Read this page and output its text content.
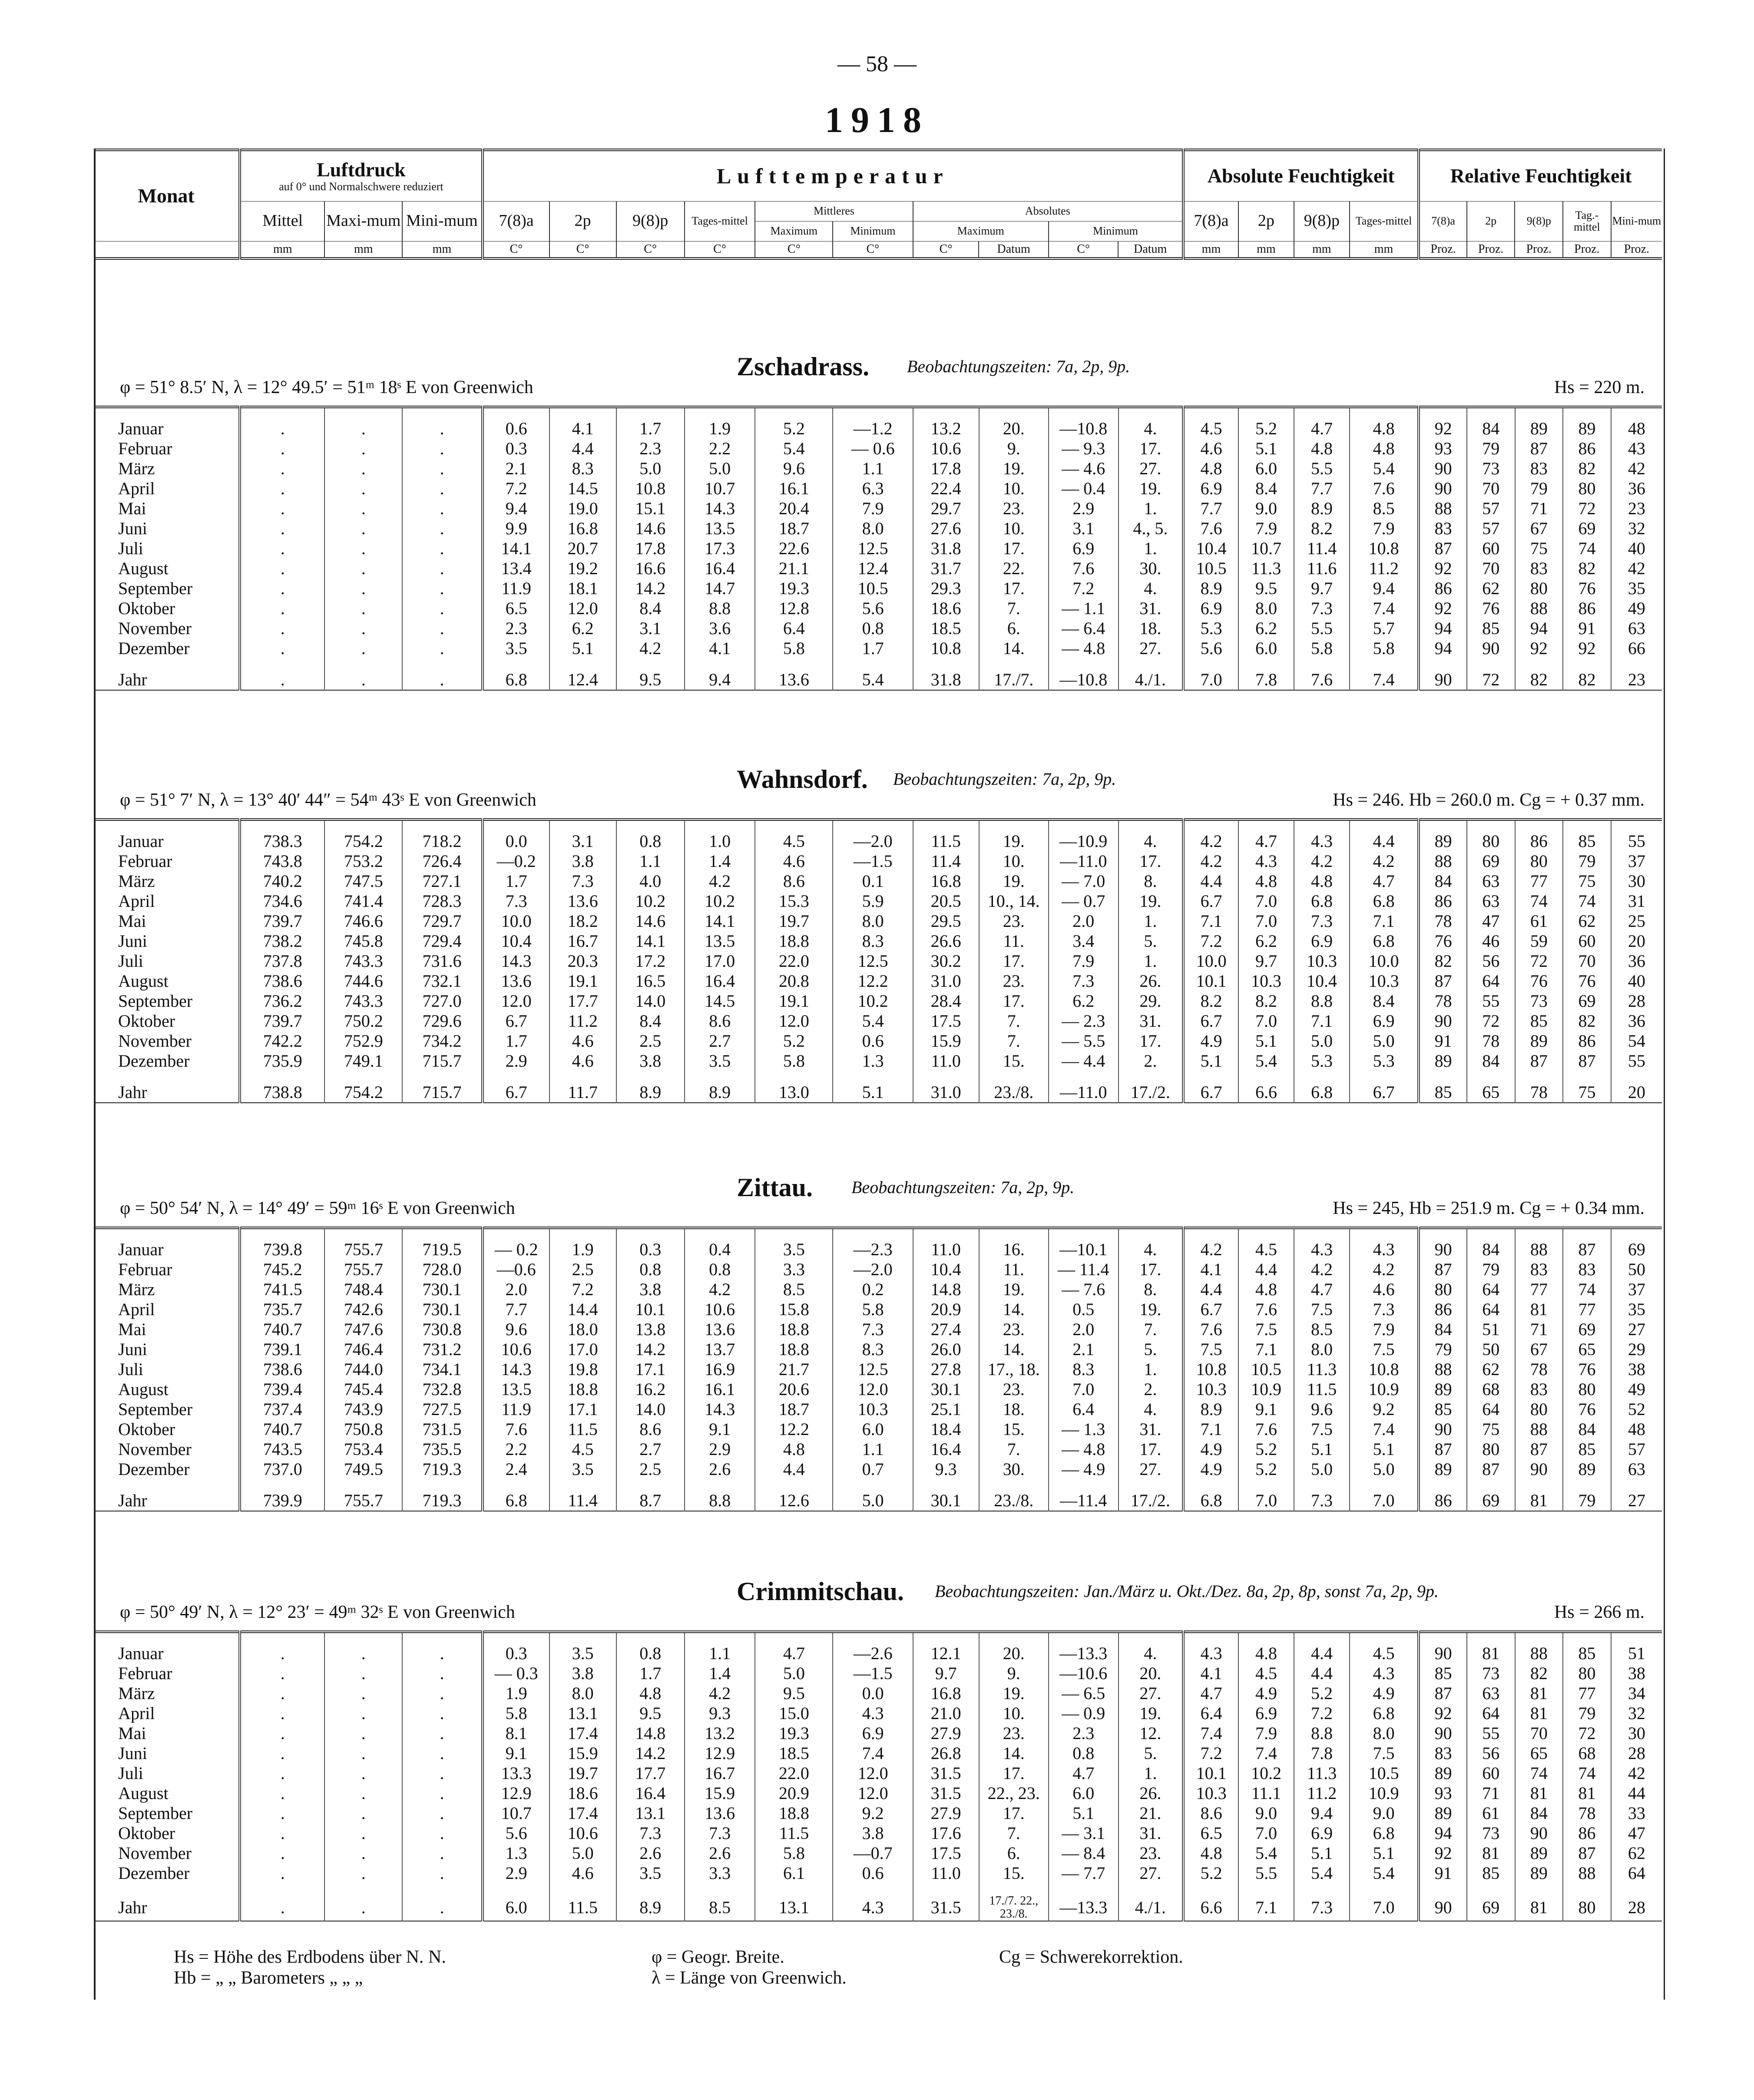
— 58 —
1918
Monat	Luftdruck
auf 0° und Normalschwere reduziert			Lufttemperatur										Absolute Feuchtigkeit				Relative Feuchtigkeit				
	Mittel	Maxi-mum	Mini-mum	7(8)a	2p	9(8)p	Tages-mittel	Mittleres		Absolutes				7(8)a	2p	9(8)p	Tages-mittel	7(8)a	2p	9(8)p	Tag.-mittel	Mini-mum
								Maximum	Minimum	Maximum		Minimum										
	mm	mm	mm	C°	C°	C°	C°	C°	C°	C°	Datum	C°	Datum	mm	mm	mm	mm	Proz.	Proz.	Proz.	Proz.	Proz.
Zschadrass. Beobachtungszeiten: 7a, 2p, 9p.
φ = 51° 8.5′ N, λ = 12° 49.5′ = 51ᵐ 18ˢ E von Greenwich	Hs = 220 m.
Januar	.	.	.	0.6	4.1	1.7	1.9	5.2	—1.2	13.2	20.	—10.8	4.	4.5	5.2	4.7	4.8	92	84	89	89	48
Februar	.	.	.	0.3	4.4	2.3	2.2	5.4	— 0.6	10.6	9.	— 9.3	17.	4.6	5.1	4.8	4.8	93	79	87	86	43
März	.	.	.	2.1	8.3	5.0	5.0	9.6	1.1	17.8	19.	— 4.6	27.	4.8	6.0	5.5	5.4	90	73	83	82	42
April	.	.	.	7.2	14.5	10.8	10.7	16.1	6.3	22.4	10.	— 0.4	19.	6.9	8.4	7.7	7.6	90	70	79	80	36
Mai	.	.	.	9.4	19.0	15.1	14.3	20.4	7.9	29.7	23.	2.9	1.	7.7	9.0	8.9	8.5	88	57	71	72	23
Juni	.	.	.	9.9	16.8	14.6	13.5	18.7	8.0	27.6	10.	3.1	4., 5.	7.6	7.9	8.2	7.9	83	57	67	69	32
Juli	.	.	.	14.1	20.7	17.8	17.3	22.6	12.5	31.8	17.	6.9	1.	10.4	10.7	11.4	10.8	87	60	75	74	40
August	.	.	.	13.4	19.2	16.6	16.4	21.1	12.4	31.7	22.	7.6	30.	10.5	11.3	11.6	11.2	92	70	83	82	42
September	.	.	.	11.9	18.1	14.2	14.7	19.3	10.5	29.3	17.	7.2	4.	8.9	9.5	9.7	9.4	86	62	80	76	35
Oktober	.	.	.	6.5	12.0	8.4	8.8	12.8	5.6	18.6	7.	— 1.1	31.	6.9	8.0	7.3	7.4	92	76	88	86	49
November	.	.	.	2.3	6.2	3.1	3.6	6.4	0.8	18.5	6.	— 6.4	18.	5.3	6.2	5.5	5.7	94	85	94	91	63
Dezember	.	.	.	3.5	5.1	4.2	4.1	5.8	1.7	10.8	14.	— 4.8	27.	5.6	6.0	5.8	5.8	94	90	92	92	66
Jahr	.	.	.	6.8	12.4	9.5	9.4	13.6	5.4	31.8	17./7.	—10.8	4./1.	7.0	7.8	7.6	7.4	90	72	82	82	23
Wahnsdorf. Beobachtungszeiten: 7a, 2p, 9p.
φ = 51° 7′ N, λ = 13° 40′ 44″ = 54ᵐ 43ˢ E von Greenwich	Hs = 246. Hb = 260.0 m. Cg = + 0.37 mm.
Januar	738.3	754.2	718.2	0.0	3.1	0.8	1.0	4.5	—2.0	11.5	19.	—10.9	4.	4.2	4.7	4.3	4.4	89	80	86	85	55
Februar	743.8	753.2	726.4	—0.2	3.8	1.1	1.4	4.6	—1.5	11.4	10.	—11.0	17.	4.2	4.3	4.2	4.2	88	69	80	79	37
März	740.2	747.5	727.1	1.7	7.3	4.0	4.2	8.6	0.1	16.8	19.	— 7.0	8.	4.4	4.8	4.8	4.7	84	63	77	75	30
April	734.6	741.4	728.3	7.3	13.6	10.2	10.2	15.3	5.9	20.5	10., 14.	— 0.7	19.	6.7	7.0	6.8	6.8	86	63	74	74	31
Mai	739.7	746.6	729.7	10.0	18.2	14.6	14.1	19.7	8.0	29.5	23.	2.0	1.	7.1	7.0	7.3	7.1	78	47	61	62	25
Juni	738.2	745.8	729.4	10.4	16.7	14.1	13.5	18.8	8.3	26.6	11.	3.4	5.	7.2	6.2	6.9	6.8	76	46	59	60	20
Juli	737.8	743.3	731.6	14.3	20.3	17.2	17.0	22.0	12.5	30.2	17.	7.9	1.	10.0	9.7	10.3	10.0	82	56	72	70	36
August	738.6	744.6	732.1	13.6	19.1	16.5	16.4	20.8	12.2	31.0	23.	7.3	26.	10.1	10.3	10.4	10.3	87	64	76	76	40
September	736.2	743.3	727.0	12.0	17.7	14.0	14.5	19.1	10.2	28.4	17.	6.2	29.	8.2	8.2	8.8	8.4	78	55	73	69	28
Oktober	739.7	750.2	729.6	6.7	11.2	8.4	8.6	12.0	5.4	17.5	7.	— 2.3	31.	6.7	7.0	7.1	6.9	90	72	85	82	36
November	742.2	752.9	734.2	1.7	4.6	2.5	2.7	5.2	0.6	15.9	7.	— 5.5	17.	4.9	5.1	5.0	5.0	91	78	89	86	54
Dezember	735.9	749.1	715.7	2.9	4.6	3.8	3.5	5.8	1.3	11.0	15.	— 4.4	2.	5.1	5.4	5.3	5.3	89	84	87	87	55
Jahr	738.8	754.2	715.7	6.7	11.7	8.9	8.9	13.0	5.1	31.0	23./8.	—11.0	17./2.	6.7	6.6	6.8	6.7	85	65	78	75	20
Zittau. Beobachtungszeiten: 7a, 2p, 9p.
φ = 50° 54′ N, λ = 14° 49′ = 59ᵐ 16ˢ E von Greenwich	Hs = 245, Hb = 251.9 m. Cg = + 0.34 mm.
Januar	739.8	755.7	719.5	— 0.2	1.9	0.3	0.4	3.5	—2.3	11.0	16.	—10.1	4.	4.2	4.5	4.3	4.3	90	84	88	87	69
Februar	745.2	755.7	728.0	—0.6	2.5	0.8	0.8	3.3	—2.0	10.4	11.	— 11.4	17.	4.1	4.4	4.2	4.2	87	79	83	83	50
März	741.5	748.4	730.1	2.0	7.2	3.8	4.2	8.5	0.2	14.8	19.	— 7.6	8.	4.4	4.8	4.7	4.6	80	64	77	74	37
April	735.7	742.6	730.1	7.7	14.4	10.1	10.6	15.8	5.8	20.9	14.	0.5	19.	6.7	7.6	7.5	7.3	86	64	81	77	35
Mai	740.7	747.6	730.8	9.6	18.0	13.8	13.6	18.8	7.3	27.4	23.	2.0	7.	7.6	7.5	8.5	7.9	84	51	71	69	27
Juni	739.1	746.4	731.2	10.6	17.0	14.2	13.7	18.8	8.3	26.0	14.	2.1	5.	7.5	7.1	8.0	7.5	79	50	67	65	29
Juli	738.6	744.0	734.1	14.3	19.8	17.1	16.9	21.7	12.5	27.8	17., 18.	8.3	1.	10.8	10.5	11.3	10.8	88	62	78	76	38
August	739.4	745.4	732.8	13.5	18.8	16.2	16.1	20.6	12.0	30.1	23.	7.0	2.	10.3	10.9	11.5	10.9	89	68	83	80	49
September	737.4	743.9	727.5	11.9	17.1	14.0	14.3	18.7	10.3	25.1	18.	6.4	4.	8.9	9.1	9.6	9.2	85	64	80	76	52
Oktober	740.7	750.8	731.5	7.6	11.5	8.6	9.1	12.2	6.0	18.4	15.	— 1.3	31.	7.1	7.6	7.5	7.4	90	75	88	84	48
November	743.5	753.4	735.5	2.2	4.5	2.7	2.9	4.8	1.1	16.4	7.	— 4.8	17.	4.9	5.2	5.1	5.1	87	80	87	85	57
Dezember	737.0	749.5	719.3	2.4	3.5	2.5	2.6	4.4	0.7	9.3	30.	— 4.9	27.	4.9	5.2	5.0	5.0	89	87	90	89	63
Jahr	739.9	755.7	719.3	6.8	11.4	8.7	8.8	12.6	5.0	30.1	23./8.	—11.4	17./2.	6.8	7.0	7.3	7.0	86	69	81	79	27
Crimmitschau. Beobachtungszeiten: Jan./März u. Okt./Dez. 8a, 2p, 8p, sonst 7a, 2p, 9p.
φ = 50° 49′ N, λ = 12° 23′ = 49ᵐ 32ˢ E von Greenwich	Hs = 266 m.
Januar	.	.	.	0.3	3.5	0.8	1.1	4.7	—2.6	12.1	20.	—13.3	4.	4.3	4.8	4.4	4.5	90	81	88	85	51
Februar	.	.	.	— 0.3	3.8	1.7	1.4	5.0	—1.5	9.7	9.	—10.6	20.	4.1	4.5	4.4	4.3	85	73	82	80	38
März	.	.	.	1.9	8.0	4.8	4.2	9.5	0.0	16.8	19.	— 6.5	27.	4.7	4.9	5.2	4.9	87	63	81	77	34
April	.	.	.	5.8	13.1	9.5	9.3	15.0	4.3	21.0	10.	— 0.9	19.	6.4	6.9	7.2	6.8	92	64	81	79	32
Mai	.	.	.	8.1	17.4	14.8	13.2	19.3	6.9	27.9	23.	2.3	12.	7.4	7.9	8.8	8.0	90	55	70	72	30
Juni	.	.	.	9.1	15.9	14.2	12.9	18.5	7.4	26.8	14.	0.8	5.	7.2	7.4	7.8	7.5	83	56	65	68	28
Juli	.	.	.	13.3	19.7	17.7	16.7	22.0	12.0	31.5	17.	4.7	1.	10.1	10.2	11.3	10.5	89	60	74	74	42
August	.	.	.	12.9	18.6	16.4	15.9	20.9	12.0	31.5	22., 23.	6.0	26.	10.3	11.1	11.2	10.9	93	71	81	81	44
September	.	.	.	10.7	17.4	13.1	13.6	18.8	9.2	27.9	17.	5.1	21.	8.6	9.0	9.4	9.0	89	61	84	78	33
Oktober	.	.	.	5.6	10.6	7.3	7.3	11.5	3.8	17.6	7.	— 3.1	31.	6.5	7.0	6.9	6.8	94	73	90	86	47
November	.	.	.	1.3	5.0	2.6	2.6	5.8	—0.7	17.5	6.	— 8.4	23.	4.8	5.4	5.1	5.1	92	81	89	87	62
Dezember	.	.	.	2.9	4.6	3.5	3.3	6.1	0.6	11.0	15.	— 7.7	27.	5.2	5.5	5.4	5.4	91	85	89	88	64
Jahr	.	.	.	6.0	11.5	8.9	8.5	13.1	4.3	31.5	17./7. 22., 23./8.	—13.3	4./1.	6.6	7.1	7.3	7.0	90	69	81	80	28
Hs = Höhe des Erdbodens über N. N.
Hb = „ „ Barometers „ „ „
φ = Geogr. Breite.
λ = Länge von Greenwich.
Cg = Schwerekorrektion.
